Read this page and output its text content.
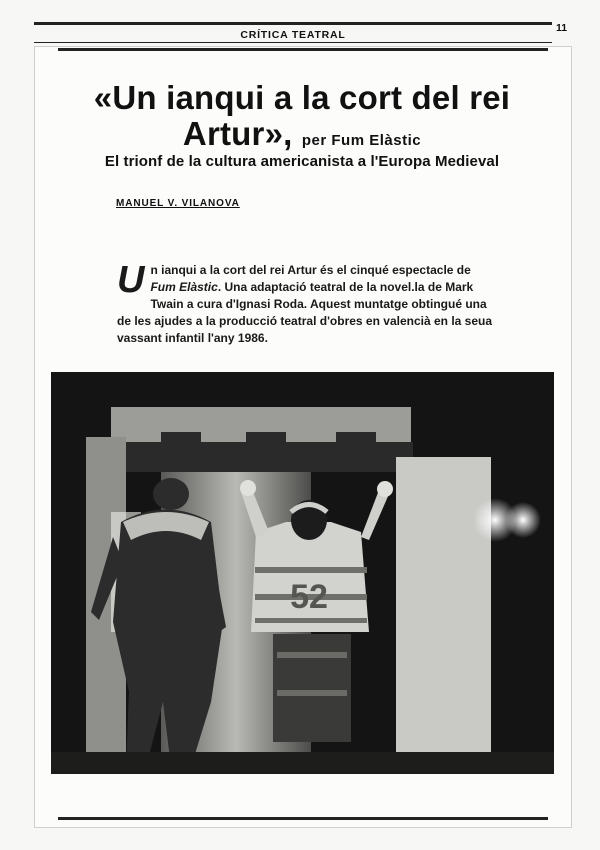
CRÍTICA TEATRAL
11
«Un ianqui a la cort del rei
Artur», per Fum Elàstic
El trionf de la cultura americanista a l'Europa Medieval
MANUEL V. VILANOVA

Un ianqui a la cort del rei Artur és el cinqué espectacle de Fum Elàstic. Una adaptació teatral de la novel.la de Mark Twain a cura d'Ignasi Roda. Aquest muntatge obtingué una de les ajudes a la producció teatral d'obres en valencià en la seua vassant infantil l'any 1986.

52
